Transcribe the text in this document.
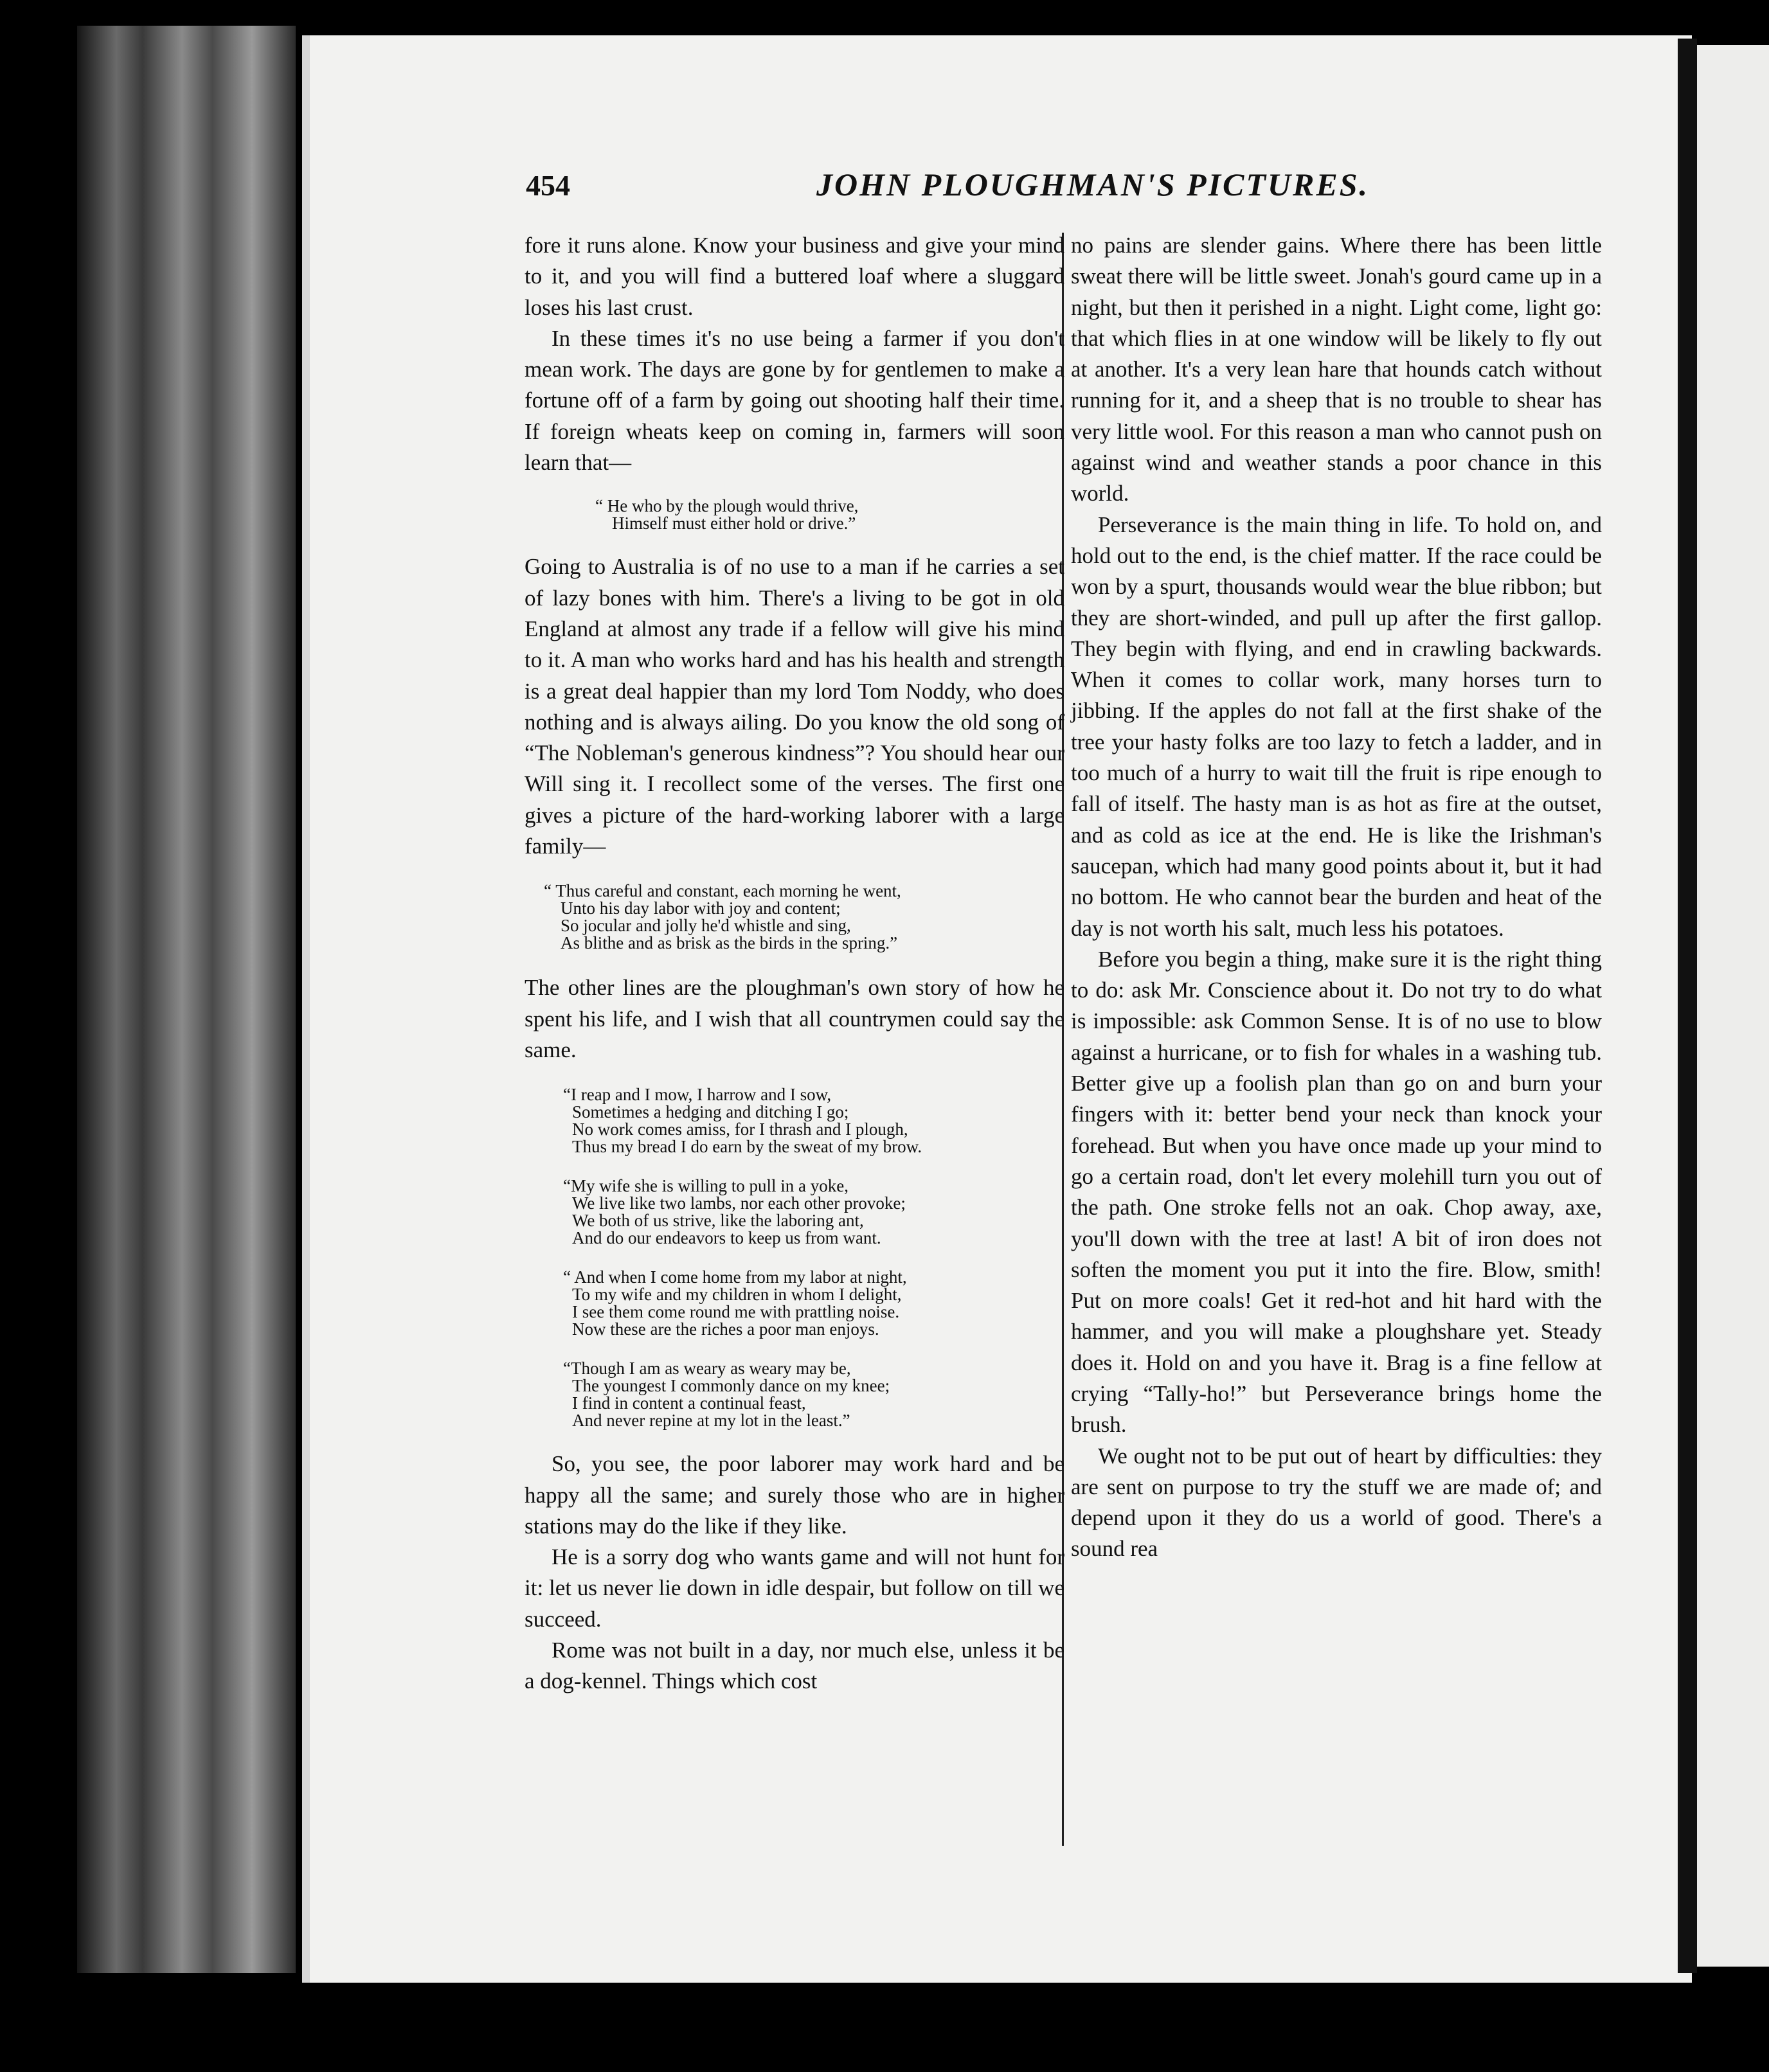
454	JOHN PLOUGHMAN'S PICTURES.

fore it runs alone. Know your business and give your mind to it, and you will find a buttered loaf where a sluggard loses his last crust.

In these times it's no use being a farmer if you don't mean work. The days are gone by for gentlemen to make a fortune off of a farm by going out shooting half their time. If foreign wheats keep on coming in, farmers will soon learn that—

“ He who by the plough would thrive,
Himself must either hold or drive.”

Going to Australia is of no use to a man if he carries a set of lazy bones with him. There's a living to be got in old England at almost any trade if a fellow will give his mind to it. A man who works hard and has his health and strength is a great deal happier than my lord Tom Noddy, who does nothing and is always ailing. Do you know the old song of “The Nobleman's generous kindness”? You should hear our Will sing it. I recollect some of the verses. The first one gives a picture of the hard-working laborer with a large family—

“ Thus careful and constant, each morning he went,
Unto his day labor with joy and content;
So jocular and jolly he'd whistle and sing,
As blithe and as brisk as the birds in the spring.”

The other lines are the ploughman's own story of how he spent his life, and I wish that all countrymen could say the same.

“I reap and I mow, I harrow and I sow,
Sometimes a hedging and ditching I go;
No work comes amiss, for I thrash and I plough,
Thus my bread I do earn by the sweat of my brow.
“My wife she is willing to pull in a yoke,
We live like two lambs, nor each other provoke;
We both of us strive, like the laboring ant,
And do our endeavors to keep us from want.
“ And when I come home from my labor at night,
To my wife and my children in whom I delight,
I see them come round me with prattling noise.
Now these are the riches a poor man enjoys.
“Though I am as weary as weary may be,
The youngest I commonly dance on my knee;
I find in content a continual feast,
And never repine at my lot in the least.”

So, you see, the poor laborer may work hard and be happy all the same; and surely those who are in higher stations may do the like if they like.

He is a sorry dog who wants game and will not hunt for it: let us never lie down in idle despair, but follow on till we succeed.

Rome was not built in a day, nor much else, unless it be a dog-kennel. Things which cost

no pains are slender gains. Where there has been little sweat there will be little sweet. Jonah's gourd came up in a night, but then it perished in a night. Light come, light go: that which flies in at one window will be likely to fly out at another. It's a very lean hare that hounds catch without running for it, and a sheep that is no trouble to shear has very little wool. For this reason a man who cannot push on against wind and weather stands a poor chance in this world.

Perseverance is the main thing in life. To hold on, and hold out to the end, is the chief matter. If the race could be won by a spurt, thousands would wear the blue ribbon; but they are short-winded, and pull up after the first gallop. They begin with flying, and end in crawling backwards. When it comes to collar work, many horses turn to jibbing. If the apples do not fall at the first shake of the tree your hasty folks are too lazy to fetch a ladder, and in too much of a hurry to wait till the fruit is ripe enough to fall of itself. The hasty man is as hot as fire at the outset, and as cold as ice at the end. He is like the Irishman's saucepan, which had many good points about it, but it had no bottom. He who cannot bear the burden and heat of the day is not worth his salt, much less his potatoes.

Before you begin a thing, make sure it is the right thing to do: ask Mr. Conscience about it. Do not try to do what is impossible: ask Common Sense. It is of no use to blow against a hurricane, or to fish for whales in a washing tub. Better give up a foolish plan than go on and burn your fingers with it: better bend your neck than knock your forehead. But when you have once made up your mind to go a certain road, don't let every molehill turn you out of the path. One stroke fells not an oak. Chop away, axe, you'll down with the tree at last! A bit of iron does not soften the moment you put it into the fire. Blow, smith! Put on more coals! Get it red-hot and hit hard with the hammer, and you will make a ploughshare yet. Steady does it. Hold on and you have it. Brag is a fine fellow at crying “Tally-ho!” but Perseverance brings home the brush.

We ought not to be put out of heart by difficulties: they are sent on purpose to try the stuff we are made of; and depend upon it they do us a world of good. There's a sound rea
